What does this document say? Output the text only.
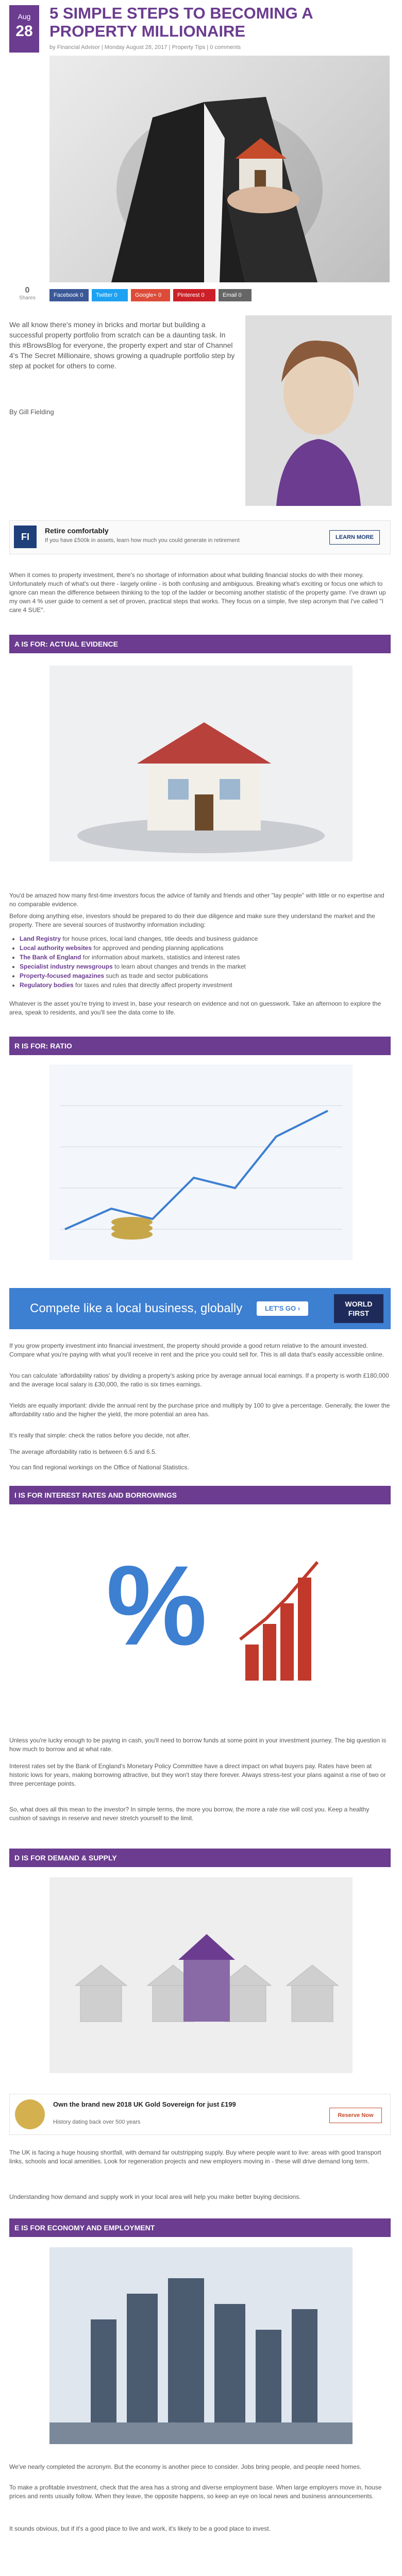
Aug
28
5 SIMPLE STEPS TO BECOMING A PROPERTY MILLIONAIRE
by Financial Advisor | Monday August 28, 2017 | Property Tips | 0 comments
0
Shares	Facebook 0	Twitter 0	Google+ 0	Pinterest 0	Email 0

We all know there's money in bricks and mortar but building a successful property portfolio from scratch can be a daunting task. In this #BrowsBlog for everyone, the property expert and star of Channel 4's The Secret Millionaire, shows growing a quadruple portfolio step by step at pocket for others to come.

By Gill Fielding

FI
Retire comfortably
If you have £500k in assets, learn how much you could generate in retirement	LEARN MORE

When it comes to property investment, there's no shortage of information about what building financial stocks do with their money. Unfortunately much of what's out there - largely online - is both confusing and ambiguous. Breaking what's exciting or focus one which to ignore can mean the difference between thinking to the top of the ladder or becoming another statistic of the property game. I've drawn up my own 4 % user guide to cement a set of proven, practical steps that works. They focus on a simple, five step acronym that I've called "I care 4 SUE".

A IS FOR: ACTUAL EVIDENCE

You'd be amazed how many first-time investors focus the advice of family and friends and other "lay people" with little or no expertise and no comparable evidence.

Before doing anything else, investors should be prepared to do their due diligence and make sure they understand the market and the property. There are several sources of trustworthy information including:

• Land Registry for house prices, local land changes, title deeds and business guidance
• Local authority websites for approved and pending planning applications
• The Bank of England for information about markets, statistics and interest rates
• Specialist industry newsgroups to learn about changes and trends in the market
• Property-focused magazines such as trade and sector publications
• Regulatory bodies for taxes and rules that directly affect property investment

Whatever is the asset you're trying to invest in, base your research on evidence and not on guesswork. Take an afternoon to explore the area, speak to residents, and you'll see the data come to life.

R IS FOR: RATIO
Compete like a local business, globally	LET'S GO ›
WORLD FIRST

If you grow property investment into financial investment, the property should provide a good return relative to the amount invested. Compare what you're paying with what you'll receive in rent and the price you could sell for. This is all data that's easily accessible online.

You can calculate 'affordability ratios' by dividing a property's asking price by average annual local earnings. If a property is worth £180,000 and the average local salary is £30,000, the ratio is six times earnings.

Yields are equally important: divide the annual rent by the purchase price and multiply by 100 to give a percentage. Generally, the lower the affordability ratio and the higher the yield, the more potential an area has.

It's really that simple: check the ratios before you decide, not after.

The average affordability ratio is between 6.5 and 6.5.

You can find regional workings on the Office of National Statistics.

I IS FOR INTEREST RATES AND BORROWINGS
%

Unless you're lucky enough to be paying in cash, you'll need to borrow funds at some point in your investment journey. The big question is how much to borrow and at what rate.

Interest rates set by the Bank of England's Monetary Policy Committee have a direct impact on what buyers pay. Rates have been at historic lows for years, making borrowing attractive, but they won't stay there forever. Always stress-test your plans against a rise of two or three percentage points.

So, what does all this mean to the investor? In simple terms, the more you borrow, the more a rate rise will cost you. Keep a healthy cushion of savings in reserve and never stretch yourself to the limit.

D IS FOR DEMAND & SUPPLY
Own the brand new 2018 UK Gold Sovereign for just £199
History dating back over 500 years
Reserve Now

The UK is facing a huge housing shortfall, with demand far outstripping supply. Buy where people want to live: areas with good transport links, schools and local amenities. Look for regeneration projects and new employers moving in - these will drive demand long term.

Understanding how demand and supply work in your local area will help you make better buying decisions.

E IS FOR ECONOMY AND EMPLOYMENT

We've nearly completed the acronym. But the economy is another piece to consider. Jobs bring people, and people need homes.

To make a profitable investment, check that the area has a strong and diverse employment base. When large employers move in, house prices and rents usually follow. When they leave, the opposite happens, so keep an eye on local news and business announcements.

It sounds obvious, but if it's a good place to live and work, it's likely to be a good place to invest.
